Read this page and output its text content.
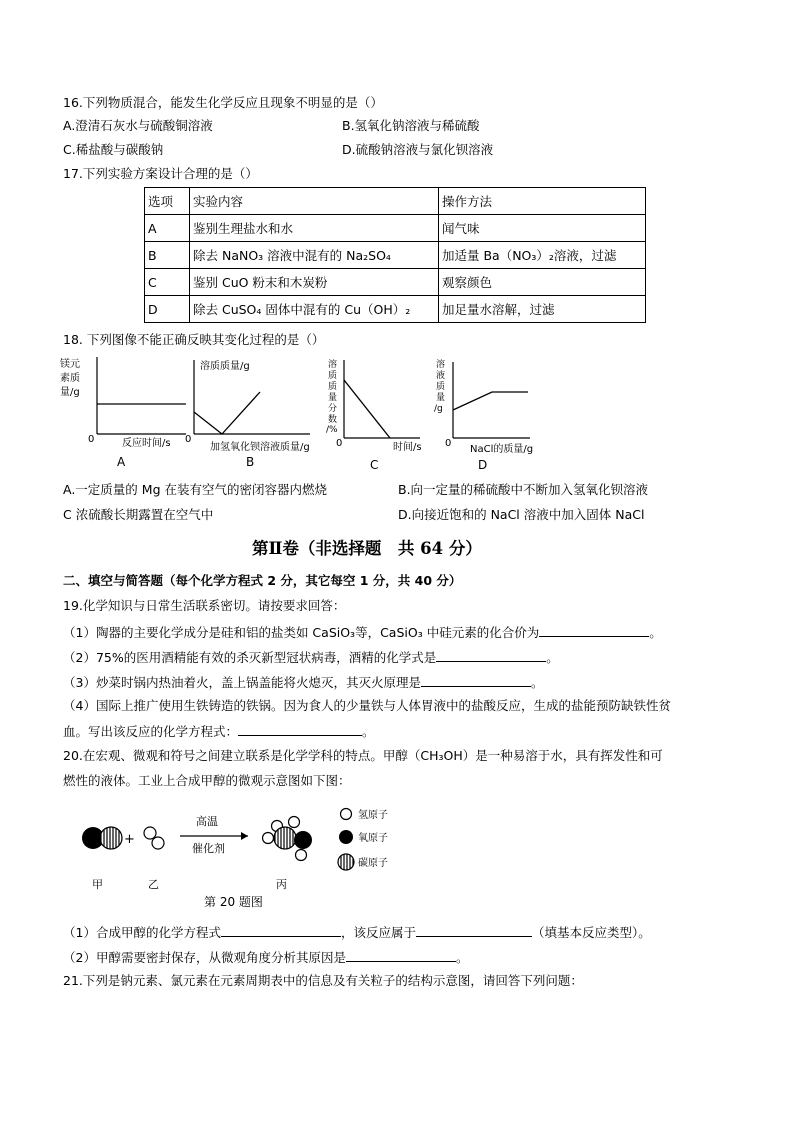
16.下列物质混合，能发生化学反应且现象不明显的是（）
A.澄清石灰水与硫酸铜溶液	B.氢氧化钠溶液与稀硫酸
C.稀盐酸与碳酸钠	D.硫酸钠溶液与氯化钡溶液
17.下列实验方案设计合理的是（）
选项	实验内容	操作方法
A	鉴别生理盐水和水	闻气味
B	除去 NaNO₃ 溶液中混有的 Na₂SO₄	加适量 Ba（NO₃）₂溶液，过滤
C	鉴别 CuO 粉末和木炭粉	观察颜色
D	除去 CuSO₄ 固体中混有的 Cu（OH）₂	加足量水溶解，过滤
18. 下列图像不能正确反映其变化过程的是（）
镁元
素质
量/g
0	反应时间/s
A
溶质质量/g
0
加氢氧化钡溶液质量/g
B
溶
质
质
量
分
数
/%
0	时间/s
C
溶
液
质
量
/g
0
NaCl的质量/g
D
A.一定质量的 Mg 在装有空气的密闭容器内燃烧	B.向一定量的稀硫酸中不断加入氢氧化钡溶液
C 浓硫酸长期露置在空气中	D.向接近饱和的 NaCl 溶液中加入固体 NaCl
第Ⅱ卷（非选择题　共 64 分）
二、填空与简答题（每个化学方程式 2 分，其它每空 1 分，共 40 分）
19.化学知识与日常生活联系密切。请按要求回答：
（1）陶器的主要化学成分是硅和铝的盐类如 CaSiO₃等，CaSiO₃ 中硅元素的化合价为	。
（2）75%的医用酒精能有效的杀灭新型冠状病毒，酒精的化学式是	。
（3）炒菜时锅内热油着火，盖上锅盖能将火熄灭，其灭火原理是	。
（4）国际上推广使用生铁铸造的铁锅。因为食人的少量铁与人体胃液中的盐酸反应，生成的盐能预防缺铁性贫
血。写出该反应的化学方程式：	。
20.在宏观、微观和符号之间建立联系是化学学科的特点。甲醇（CH₃OH）是一种易溶于水，具有挥发性和可
燃性的液体。工业上合成甲醇的微观示意图如下图：
+
高温
催化剂
氢原子
氧原子
碳原子
甲	乙	丙
第 20 题图
（1）合成甲醇的化学方程式	，该反应属于	（填基本反应类型）。
（2）甲醇需要密封保存，从微观角度分析其原因是	。
21.下列是钠元素、氯元素在元素周期表中的信息及有关粒子的结构示意图，请回答下列问题：
